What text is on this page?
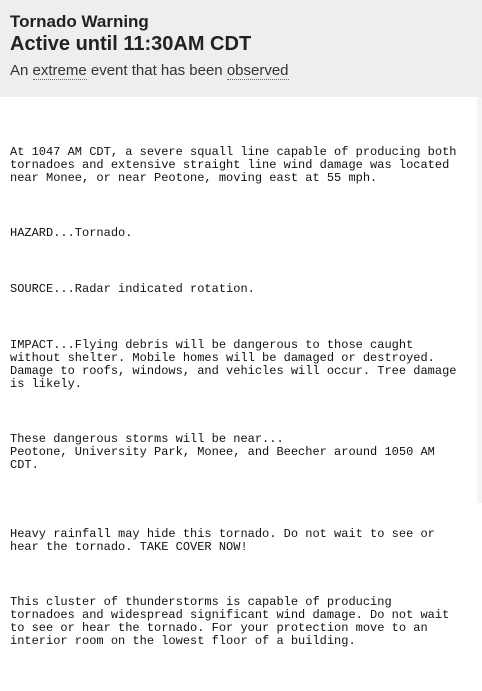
Tornado Warning
Active until 11:30AM CDT
An extreme event that has been observed

At 1047 AM CDT, a severe squall line capable of producing both
tornadoes and extensive straight line wind damage was located
near Monee, or near Peotone, moving east at 55 mph.

HAZARD...Tornado.

SOURCE...Radar indicated rotation.

IMPACT...Flying debris will be dangerous to those caught
without shelter. Mobile homes will be damaged or destroyed.
Damage to roofs, windows, and vehicles will occur. Tree damage
is likely.

These dangerous storms will be near...
Peotone, University Park, Monee, and Beecher around 1050 AM
CDT.

Heavy rainfall may hide this tornado. Do not wait to see or
hear the tornado. TAKE COVER NOW!

This cluster of thunderstorms is capable of producing
tornadoes and widespread significant wind damage. Do not wait
to see or hear the tornado. For your protection move to an
interior room on the lowest floor of a building.
